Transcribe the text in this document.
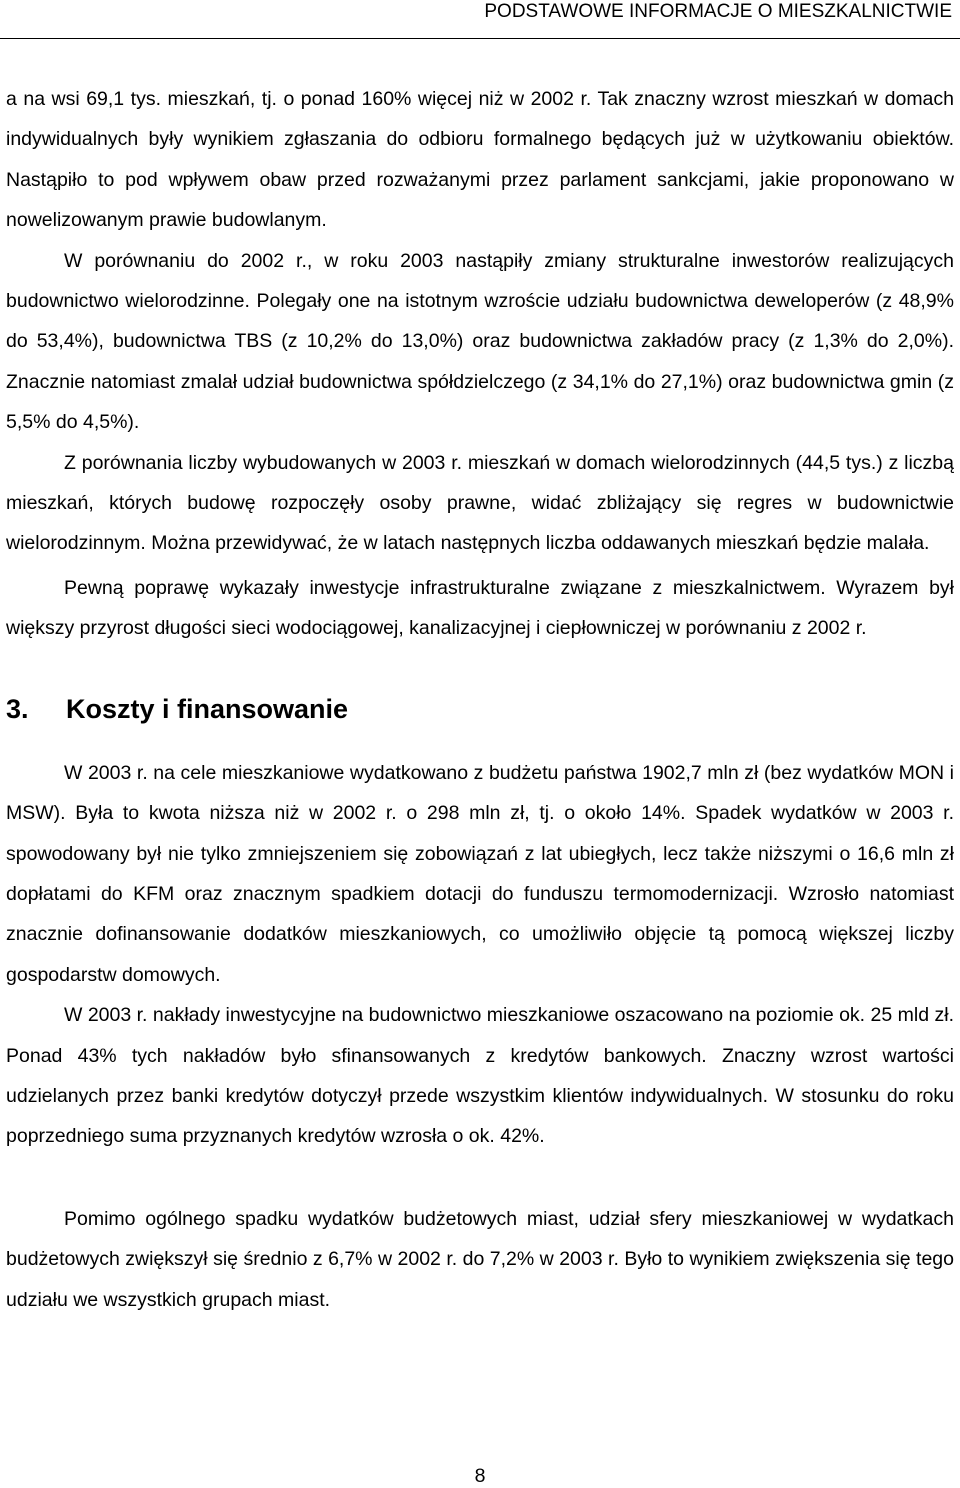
PODSTAWOWE INFORMACJE O MIESZKALNICTWIE

a na wsi 69,1 tys. mieszkań, tj. o ponad 160% więcej niż w 2002 r. Tak znaczny wzrost mieszkań w domach indywidualnych były wynikiem zgłaszania do odbioru formalnego będących już w użytkowaniu obiektów. Nastąpiło to pod wpływem obaw przed rozważanymi przez parlament sankcjami, jakie proponowano w nowelizowanym prawie budowlanym.

W porównaniu do 2002 r., w roku 2003 nastąpiły zmiany strukturalne inwestorów realizujących budownictwo wielorodzinne. Polegały one na istotnym wzroście udziału budownictwa deweloperów (z 48,9% do 53,4%), budownictwa TBS (z 10,2% do 13,0%) oraz budownictwa zakładów pracy (z 1,3% do 2,0%). Znacznie natomiast zmalał udział budownictwa spółdzielczego (z 34,1% do 27,1%) oraz budownictwa gmin (z 5,5% do 4,5%).

Z porównania liczby wybudowanych w 2003 r. mieszkań w domach wielorodzinnych (44,5 tys.) z liczbą mieszkań, których budowę rozpoczęły osoby prawne, widać zbliżający się regres w budownictwie wielorodzinnym. Można przewidywać, że w latach następnych liczba oddawanych mieszkań będzie malała.

Pewną poprawę wykazały inwestycje infrastrukturalne związane z mieszkalnictwem. Wyrazem był większy przyrost długości sieci wodociągowej, kanalizacyjnej i ciepłowniczej w porównaniu z 2002 r.

3.	Koszty i finansowanie

W 2003 r. na cele mieszkaniowe wydatkowano z budżetu państwa 1902,7 mln zł (bez wydatków MON i MSW). Była to kwota niższa niż w 2002 r. o 298 mln zł, tj. o około 14%. Spadek wydatków w 2003 r. spowodowany był nie tylko zmniejszeniem się zobowiązań z lat ubiegłych, lecz także niższymi o 16,6 mln zł dopłatami do KFM oraz znacznym spadkiem dotacji do funduszu termomodernizacji. Wzrosło natomiast znacznie dofinansowanie dodatków mieszkaniowych, co umożliwiło objęcie tą pomocą większej liczby gospodarstw domowych.

W 2003 r. nakłady inwestycyjne na budownictwo mieszkaniowe oszacowano na poziomie ok. 25 mld zł. Ponad 43% tych nakładów było sfinansowanych z kredytów bankowych. Znaczny wzrost wartości udzielanych przez banki kredytów dotyczył przede wszystkim klientów indywidualnych. W stosunku do roku poprzedniego suma przyznanych kredytów wzrosła o ok. 42%.

Pomimo ogólnego spadku wydatków budżetowych miast, udział sfery mieszkaniowej w wydatkach budżetowych zwiększył się średnio z 6,7% w 2002 r. do 7,2% w 2003 r. Było to wynikiem zwiększenia się tego udziału we wszystkich grupach miast.

8
